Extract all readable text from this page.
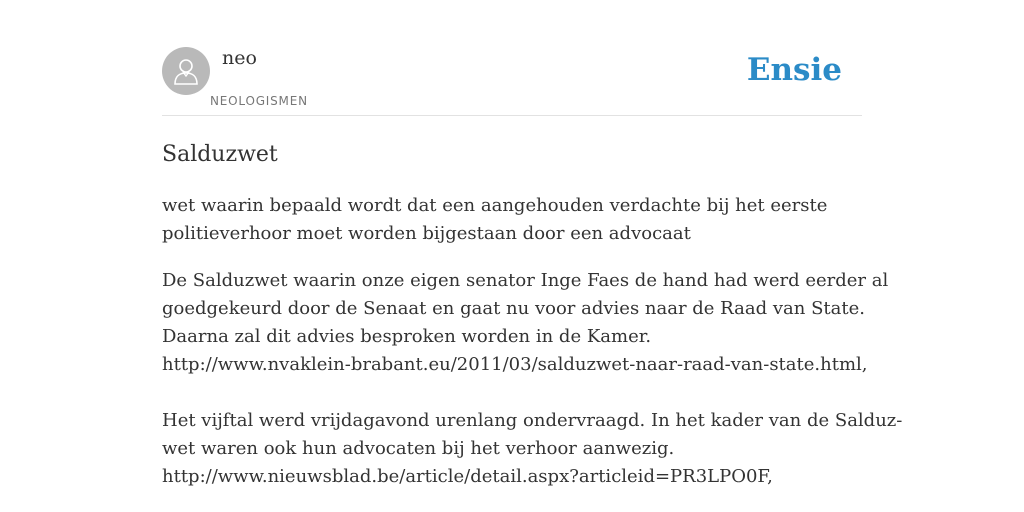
neo
NEOLOGISMEN
Ensie
Salduzwet
wet waarin bepaald wordt dat een aangehouden verdachte bij het eerste
politieverhoor moet worden bijgestaan door een advocaat
De Salduzwet waarin onze eigen senator Inge Faes de hand had werd eerder al
goedgekeurd door de Senaat en gaat nu voor advies naar de Raad van State.
Daarna zal dit advies besproken worden in de Kamer.
http://www.nvaklein-brabant.eu/2011/03/salduzwet-naar-raad-van-state.html,
Het vijftal werd vrijdagavond urenlang ondervraagd. In het kader van de Salduz-
wet waren ook hun advocaten bij het verhoor aanwezig.
http://www.nieuwsblad.be/article/detail.aspx?articleid=PR3LPO0F,
